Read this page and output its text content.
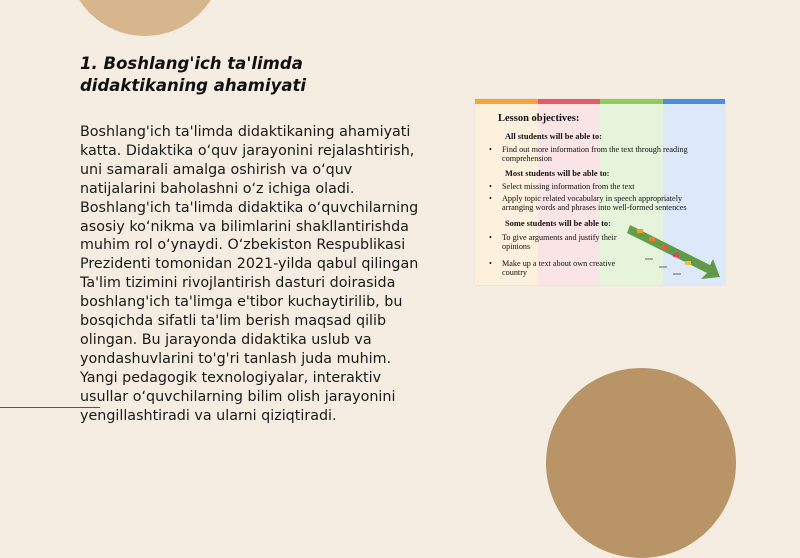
1. Boshlang'ich ta'limda
didaktikaning ahamiyati

Boshlang'ich ta'limda didaktikaning ahamiyati katta. Didaktika o‘quv jarayonini rejalashtirish, uni samarali amalga oshirish va o‘quv natijalarini baholashni o‘z ichiga oladi. Boshlang'ich ta'limda didaktika o‘quvchilarning asosiy ko‘nikma va bilimlarini shakllantirishda muhim rol o‘ynaydi. O‘zbekiston Respublikasi Prezidenti tomonidan 2021-yilda qabul qilingan Ta'lim tizimini rivojlantirish dasturi doirasida boshlang'ich ta'limga e'tibor kuchaytirilib, bu bosqichda sifatli ta'lim berish maqsad qilib olingan. Bu jarayonda didaktika uslub va yondashuvlarini to'g'ri tanlash juda muhim. Yangi pedagogik texnologiyalar, interaktiv usullar o‘quvchilarning bilim olish jarayonini yengillashtiradi va ularni qiziqtiradi.

Lesson objectives:
All students will be able to:
•	Find out more information from the text through reading comprehension
Most students will be able to:
•	Select missing information from the text
•	Apply topic related vocabulary in speech appropriately arranging words and phrases into well-formed sentences
Some students will be able to:
•	To give arguments and justify their opinions
•	Make up a text about own creative country
